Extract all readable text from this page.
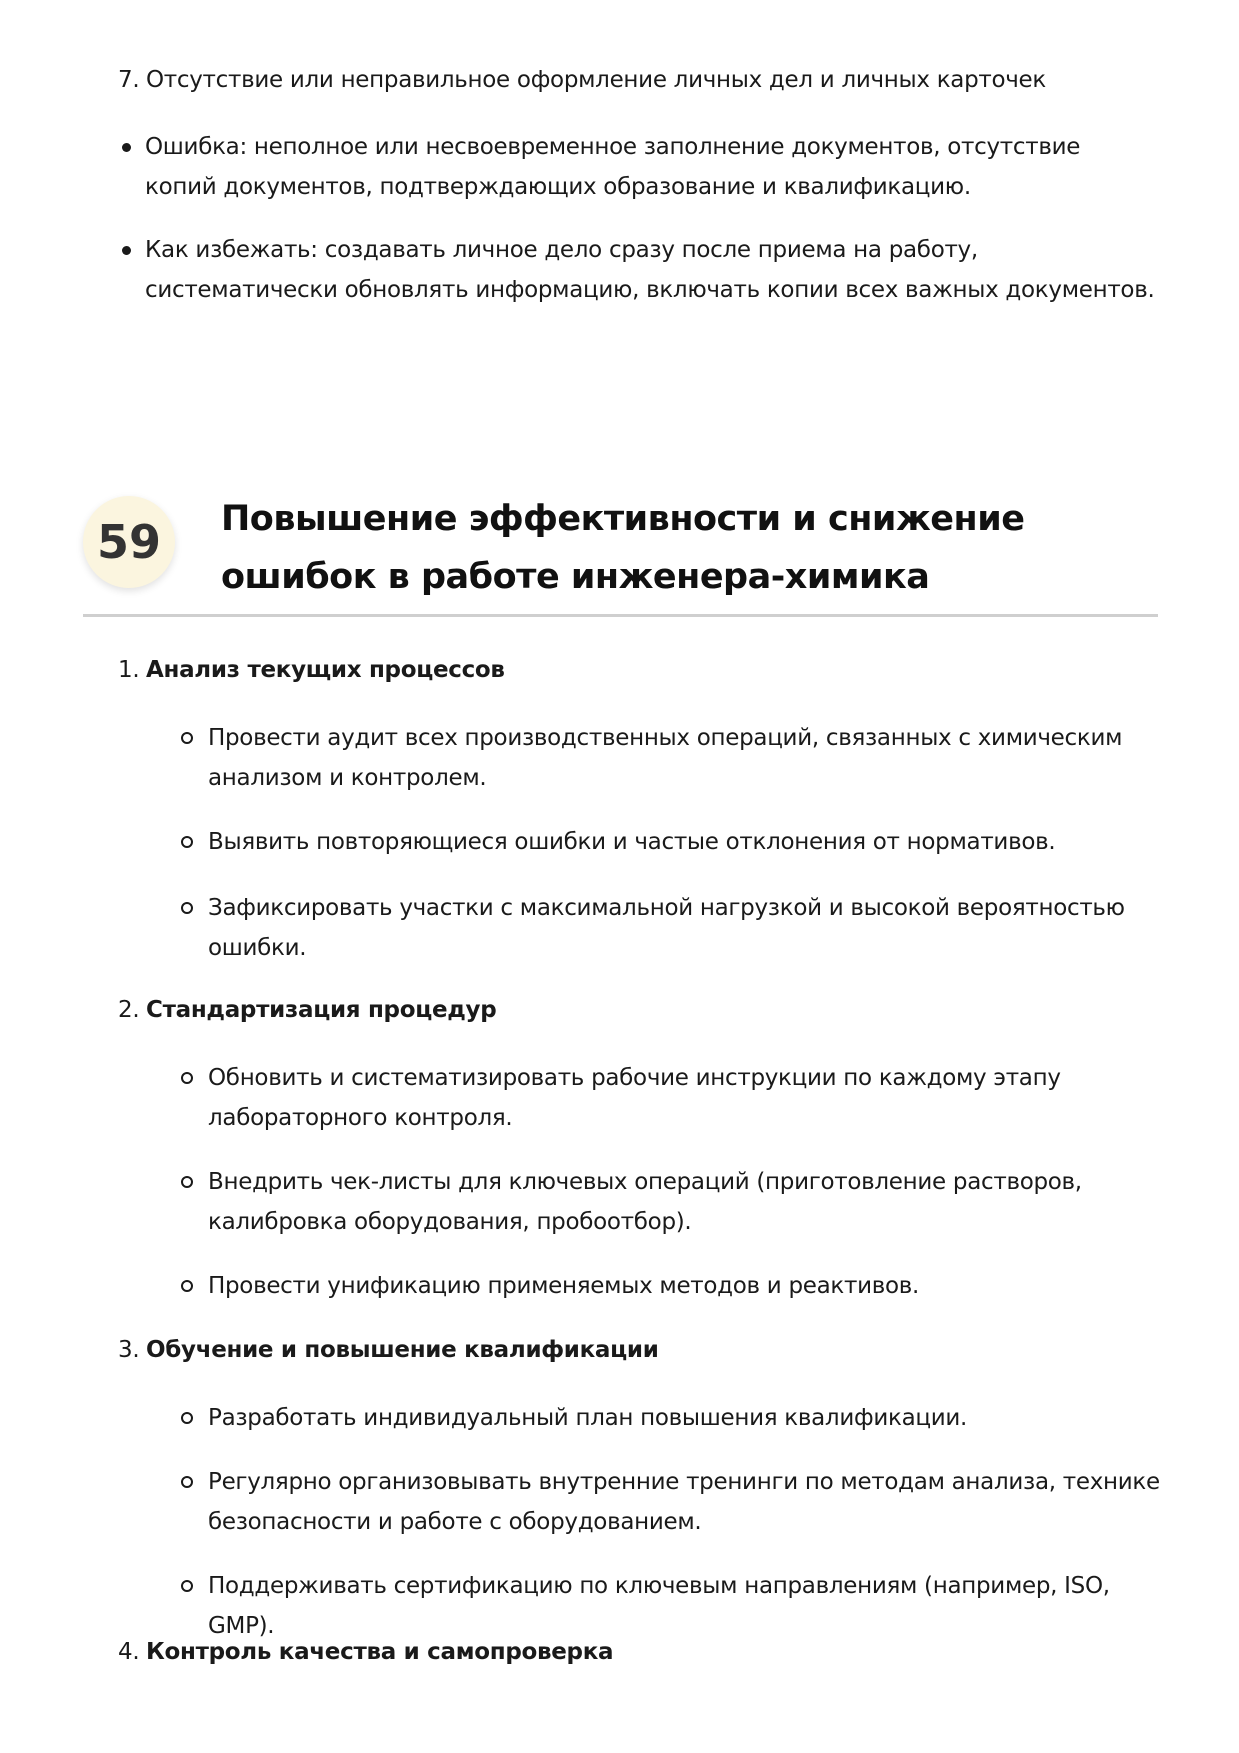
7. Отсутствие или неправильное оформление личных дел и личных карточек
Ошибка: неполное или несвоевременное заполнение документов, отсутствие копий документов, подтверждающих образование и квалификацию.
Как избежать: создавать личное дело сразу после приема на работу, систематически обновлять информацию, включать копии всех важных документов.
59	Повышение эффективности и снижение ошибок в работе инженера-химика
1. Анализ текущих процессов
Провести аудит всех производственных операций, связанных с химическим анализом и контролем.
Выявить повторяющиеся ошибки и частые отклонения от нормативов.
Зафиксировать участки с максимальной нагрузкой и высокой вероятностью ошибки.
2. Стандартизация процедур
Обновить и систематизировать рабочие инструкции по каждому этапу лабораторного контроля.
Внедрить чек-листы для ключевых операций (приготовление растворов, калибровка оборудования, пробоотбор).
Провести унификацию применяемых методов и реактивов.
3. Обучение и повышение квалификации
Разработать индивидуальный план повышения квалификации.
Регулярно организовывать внутренние тренинги по методам анализа, технике безопасности и работе с оборудованием.
Поддерживать сертификацию по ключевым направлениям (например, ISO, GMP).
4. Контроль качества и самопроверка
